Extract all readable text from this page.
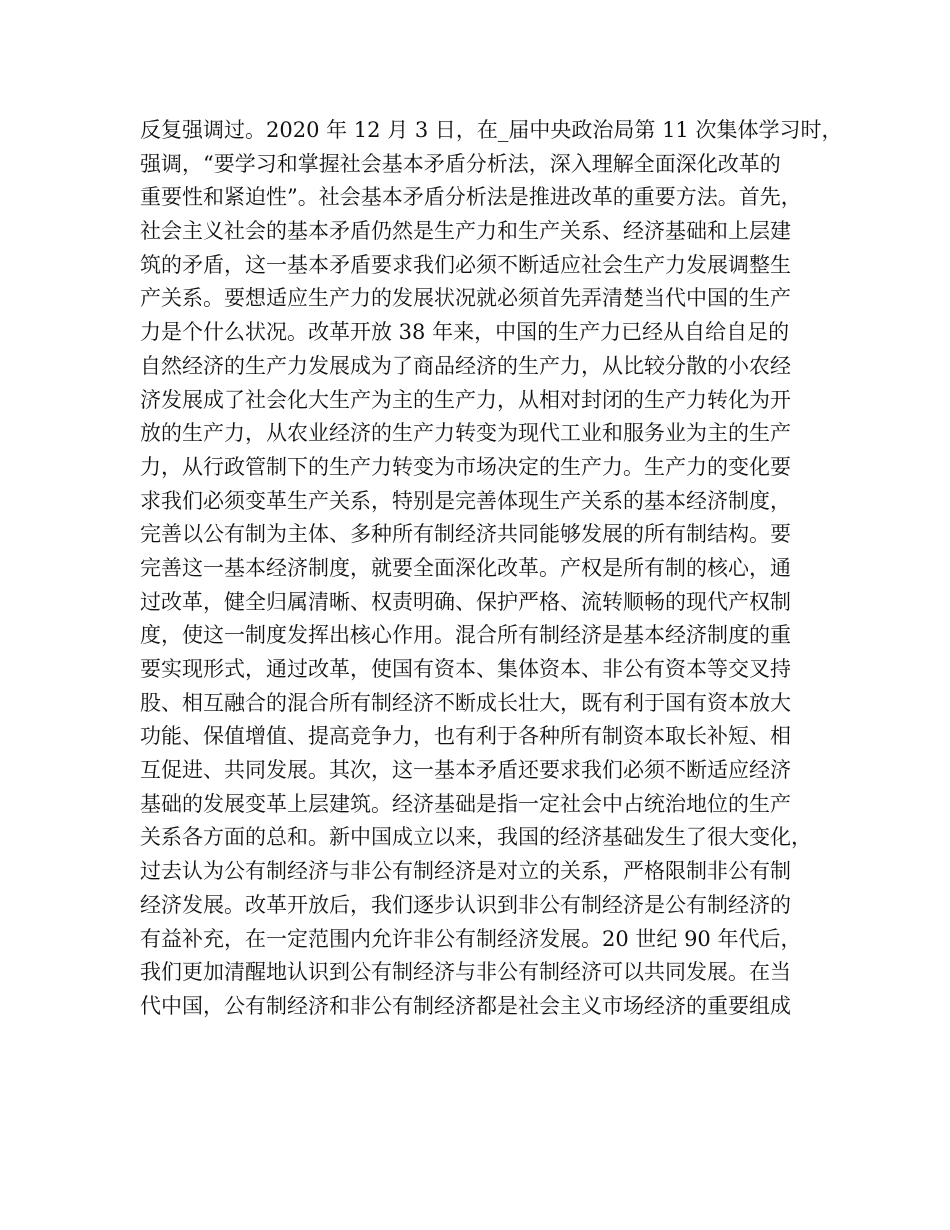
反复强调过。2020 年 12 月 3 日，在_届中央政治局第 11 次集体学习时，
强调，“要学习和掌握社会基本矛盾分析法，深入理解全面深化改革的
重要性和紧迫性”。社会基本矛盾分析法是推进改革的重要方法。首先，
社会主义社会的基本矛盾仍然是生产力和生产关系、经济基础和上层建
筑的矛盾，这一基本矛盾要求我们必须不断适应社会生产力发展调整生
产关系。要想适应生产力的发展状况就必须首先弄清楚当代中国的生产
力是个什么状况。改革开放 38 年来，中国的生产力已经从自给自足的
自然经济的生产力发展成为了商品经济的生产力，从比较分散的小农经
济发展成了社会化大生产为主的生产力，从相对封闭的生产力转化为开
放的生产力，从农业经济的生产力转变为现代工业和服务业为主的生产
力，从行政管制下的生产力转变为市场决定的生产力。生产力的变化要
求我们必须变革生产关系，特别是完善体现生产关系的基本经济制度，
完善以公有制为主体、多种所有制经济共同能够发展的所有制结构。要
完善这一基本经济制度，就要全面深化改革。产权是所有制的核心，通
过改革，健全归属清晰、权责明确、保护严格、流转顺畅的现代产权制
度，使这一制度发挥出核心作用。混合所有制经济是基本经济制度的重
要实现形式，通过改革，使国有资本、集体资本、非公有资本等交叉持
股、相互融合的混合所有制经济不断成长壮大，既有利于国有资本放大
功能、保值增值、提高竞争力，也有利于各种所有制资本取长补短、相
互促进、共同发展。其次，这一基本矛盾还要求我们必须不断适应经济
基础的发展变革上层建筑。经济基础是指一定社会中占统治地位的生产
关系各方面的总和。新中国成立以来，我国的经济基础发生了很大变化，
过去认为公有制经济与非公有制经济是对立的关系，严格限制非公有制
经济发展。改革开放后，我们逐步认识到非公有制经济是公有制经济的
有益补充，在一定范围内允许非公有制经济发展。20 世纪 90 年代后，
我们更加清醒地认识到公有制经济与非公有制经济可以共同发展。在当
代中国，公有制经济和非公有制经济都是社会主义市场经济的重要组成
